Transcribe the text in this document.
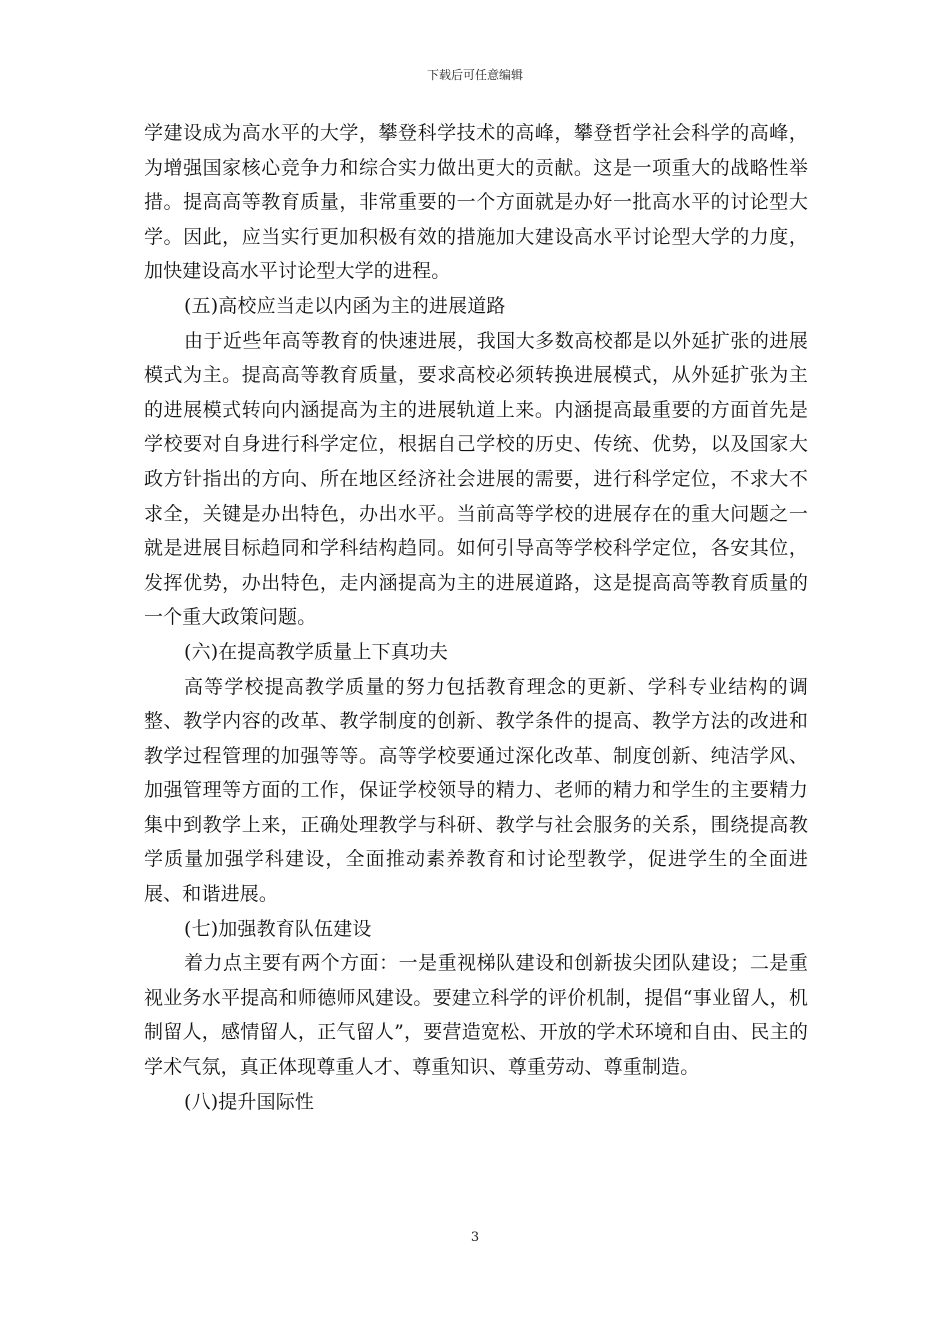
下载后可任意编辑

学建设成为高水平的大学，攀登科学技术的高峰，攀登哲学社会科学的高峰，为增强国家核心竞争力和综合实力做出更大的贡献。这是一项重大的战略性举措。提高高等教育质量，非常重要的一个方面就是办好一批高水平的讨论型大学。因此，应当实行更加积极有效的措施加大建设高水平讨论型大学的力度，加快建设高水平讨论型大学的进程。

(五)高校应当走以内函为主的进展道路

由于近些年高等教育的快速进展，我国大多数高校都是以外延扩张的进展模式为主。提高高等教育质量，要求高校必须转换进展模式，从外延扩张为主的进展模式转向内涵提高为主的进展轨道上来。内涵提高最重要的方面首先是学校要对自身进行科学定位，根据自己学校的历史、传统、优势，以及国家大政方针指出的方向、所在地区经济社会进展的需要，进行科学定位，不求大不求全，关键是办出特色，办出水平。当前高等学校的进展存在的重大问题之一就是进展目标趋同和学科结构趋同。如何引导高等学校科学定位，各安其位，发挥优势，办出特色，走内涵提高为主的进展道路，这是提高高等教育质量的一个重大政策问题。

(六)在提高教学质量上下真功夫

高等学校提高教学质量的努力包括教育理念的更新、学科专业结构的调整、教学内容的改革、教学制度的创新、教学条件的提高、教学方法的改进和教学过程管理的加强等等。高等学校要通过深化改革、制度创新、纯洁学风、加强管理等方面的工作，保证学校领导的精力、老师的精力和学生的主要精力集中到教学上来，正确处理教学与科研、教学与社会服务的关系，围绕提高教学质量加强学科建设，全面推动素养教育和讨论型教学，促进学生的全面进展、和谐进展。

(七)加强教育队伍建设

着力点主要有两个方面：一是重视梯队建设和创新拔尖团队建设；二是重视业务水平提高和师德师风建设。要建立科学的评价机制，提倡“事业留人，机制留人，感情留人，正气留人”，要营造宽松、开放的学术环境和自由、民主的学术气氛，真正体现尊重人才、尊重知识、尊重劳动、尊重制造。

(八)提升国际性

3
